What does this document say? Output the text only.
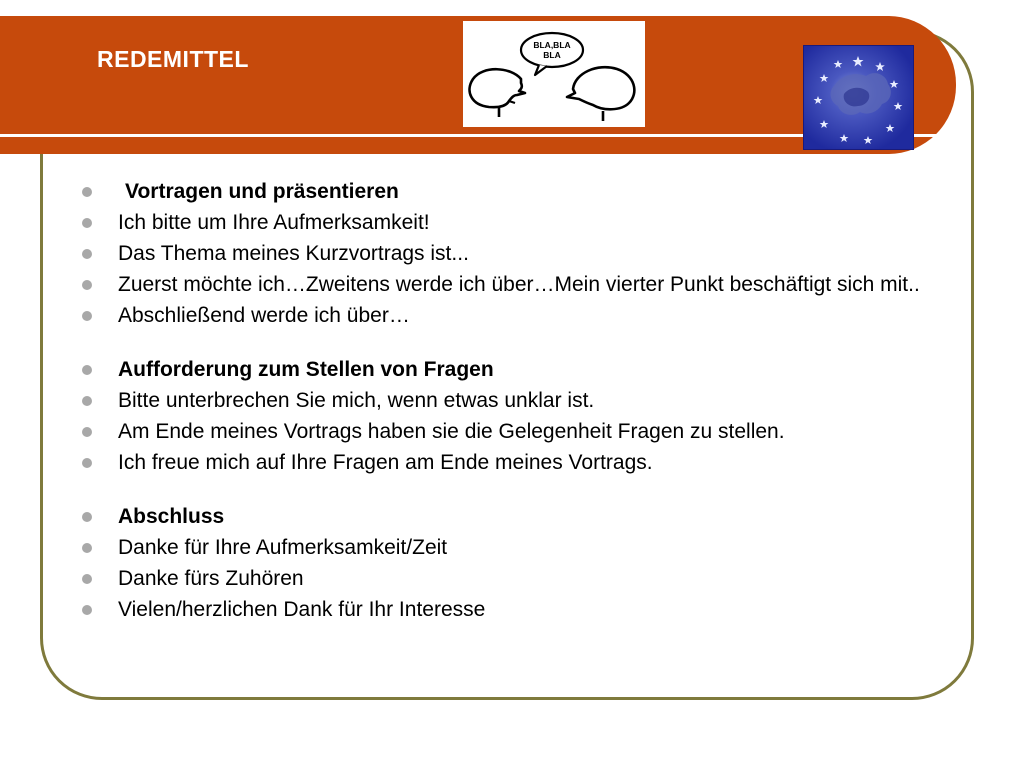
REDEMITTEL
BLA,BLA
BLA
Vortragen und präsentieren
Ich bitte um Ihre Aufmerksamkeit!
Das Thema meines Kurzvortrags ist...
Zuerst möchte ich…Zweitens werde ich über…Mein vierter Punkt beschäftigt sich mit..
Abschließend werde ich über…
Aufforderung zum Stellen von Fragen
Bitte unterbrechen Sie mich, wenn etwas unklar ist.
Am Ende meines Vortrags haben sie die Gelegenheit Fragen zu stellen.
Ich freue mich auf Ihre Fragen am Ende meines Vortrags.
Abschluss
Danke für Ihre Aufmerksamkeit/Zeit
Danke fürs Zuhören
Vielen/herzlichen Dank für Ihr Interesse
